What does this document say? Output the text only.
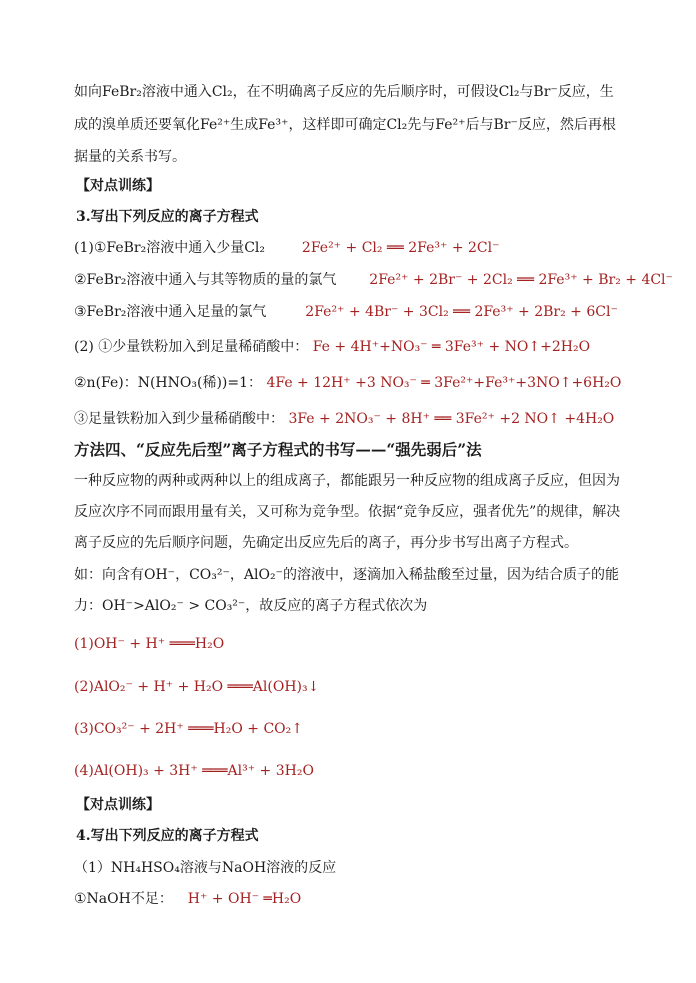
如向FeBr₂溶液中通入Cl₂，在不明确离子反应的先后顺序时，可假设Cl₂与Br⁻反应，生
成的溴单质还要氧化Fe²⁺生成Fe³⁺，这样即可确定Cl₂先与Fe²⁺后与Br⁻反应，然后再根
据量的关系书写。
【对点训练】
3.写出下列反应的离子方程式
(1)①FeBr₂溶液中通入少量Cl₂	2Fe²⁺ + Cl₂ ══ 2Fe³⁺ + 2Cl⁻
②FeBr₂溶液中通入与其等物质的量的氯气 2Fe²⁺ + 2Br⁻ + 2Cl₂ ══ 2Fe³⁺ + Br₂ + 4Cl⁻
③FeBr₂溶液中通入足量的氯气	2Fe²⁺ + 4Br⁻ + 3Cl₂ ══ 2Fe³⁺ + 2Br₂ + 6Cl⁻
(2) ①少量铁粉加入到足量稀硝酸中： Fe + 4H⁺+NO₃⁻ ═ 3Fe³⁺ + NO↑+2H₂O
②n(Fe)：N(HNO₃(稀))=1： 4Fe + 12H⁺ +3 NO₃⁻ ═ 3Fe²⁺+Fe³⁺+3NO↑+6H₂O
③足量铁粉加入到少量稀硝酸中： 3Fe + 2NO₃⁻ + 8H⁺ ══ 3Fe²⁺ +2 NO↑ +4H₂O
方法四、“反应先后型”离子方程式的书写——“强先弱后”法
一种反应物的两种或两种以上的组成离子，都能跟另一种反应物的组成离子反应，但因为
反应次序不同而跟用量有关，又可称为竞争型。依据“竞争反应，强者优先”的规律，解决
离子反应的先后顺序问题，先确定出反应先后的离子，再分步书写出离子方程式。
如：向含有OH⁻，CO₃²⁻，AlO₂⁻的溶液中，逐滴加入稀盐酸至过量，因为结合质子的能
力：OH⁻>AlO₂⁻ > CO₃²⁻，故反应的离子方程式依次为
(1)OH⁻ + H⁺ ═══H₂O
(2)AlO₂⁻ + H⁺ + H₂O ═══Al(OH)₃↓
(3)CO₃²⁻ + 2H⁺ ═══H₂O + CO₂↑
(4)Al(OH)₃ + 3H⁺ ═══Al³⁺ + 3H₂O
【对点训练】
4.写出下列反应的离子方程式
（1）NH₄HSO₄溶液与NaOH溶液的反应
①NaOH不足： H⁺ + OH⁻ ═H₂O
